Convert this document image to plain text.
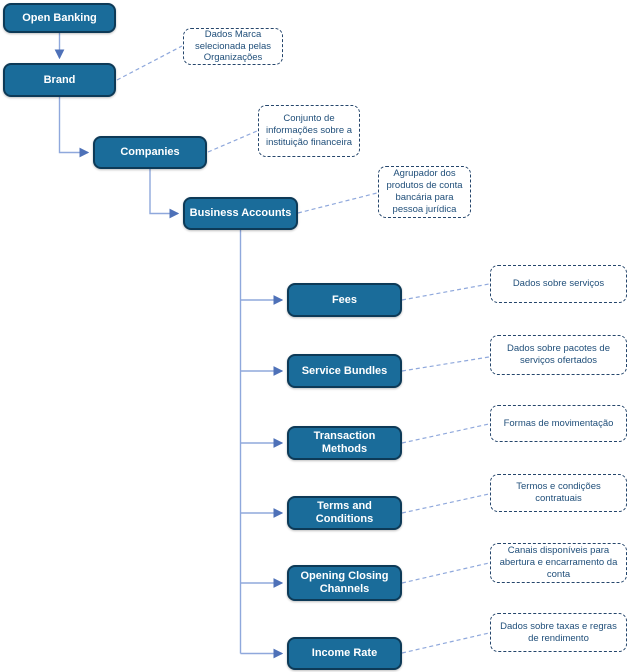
Open Banking
Brand
Companies
Business Accounts
Fees
Service Bundles
Transaction Methods
Terms and Conditions
Opening Closing Channels
Income Rate
Dados Marca selecionada pelas Organizações
Conjunto de informações sobre a instituição financeira
Agrupador dos produtos de conta bancária para pessoa jurídica
Dados sobre serviços
Dados sobre pacotes de serviços ofertados
Formas de movimentação
Termos e condições contratuais
Canais disponíveis para abertura e encarramento da conta
Dados sobre taxas e regras de rendimento
